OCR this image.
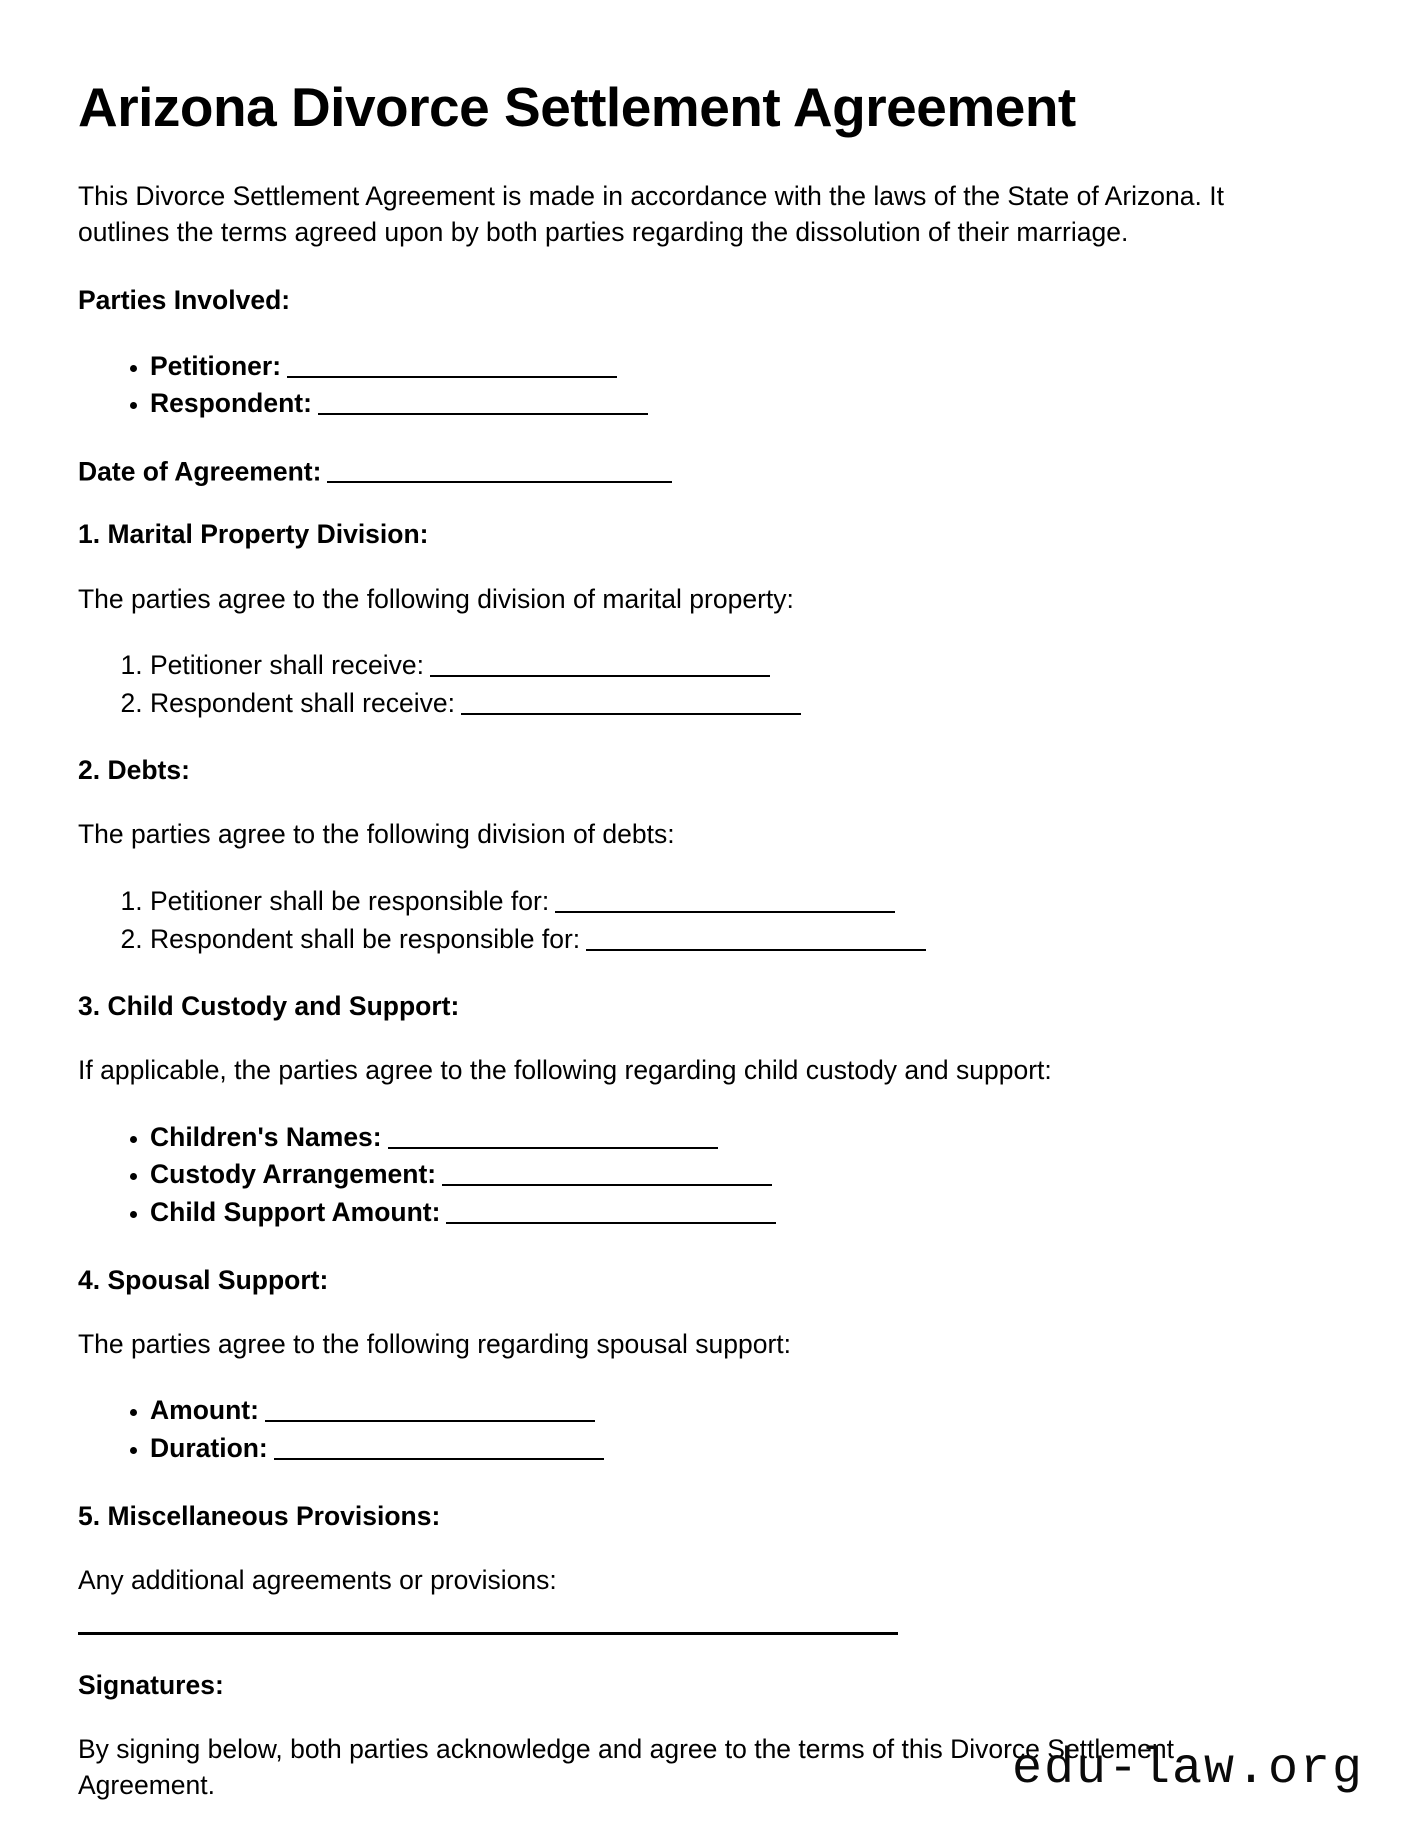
Arizona Divorce Settlement Agreement

This Divorce Settlement Agreement is made in accordance with the laws of the State of Arizona. It outlines the terms agreed upon by both parties regarding the dissolution of their marriage.

Parties Involved:
• Petitioner:
• Respondent:
Date of Agreement:
1. Marital Property Division:

The parties agree to the following division of marital property:

1. Petitioner shall receive:
2. Respondent shall receive:
2. Debts:

The parties agree to the following division of debts:

1. Petitioner shall be responsible for:
2. Respondent shall be responsible for:
3. Child Custody and Support:

If applicable, the parties agree to the following regarding child custody and support:

• Children's Names:
• Custody Arrangement:
• Child Support Amount:
4. Spousal Support:

The parties agree to the following regarding spousal support:

• Amount:
• Duration:
5. Miscellaneous Provisions:

Any additional agreements or provisions:

Signatures:

By signing below, both parties acknowledge and agree to the terms of this Divorce Settlement Agreement.	edu-law.org
